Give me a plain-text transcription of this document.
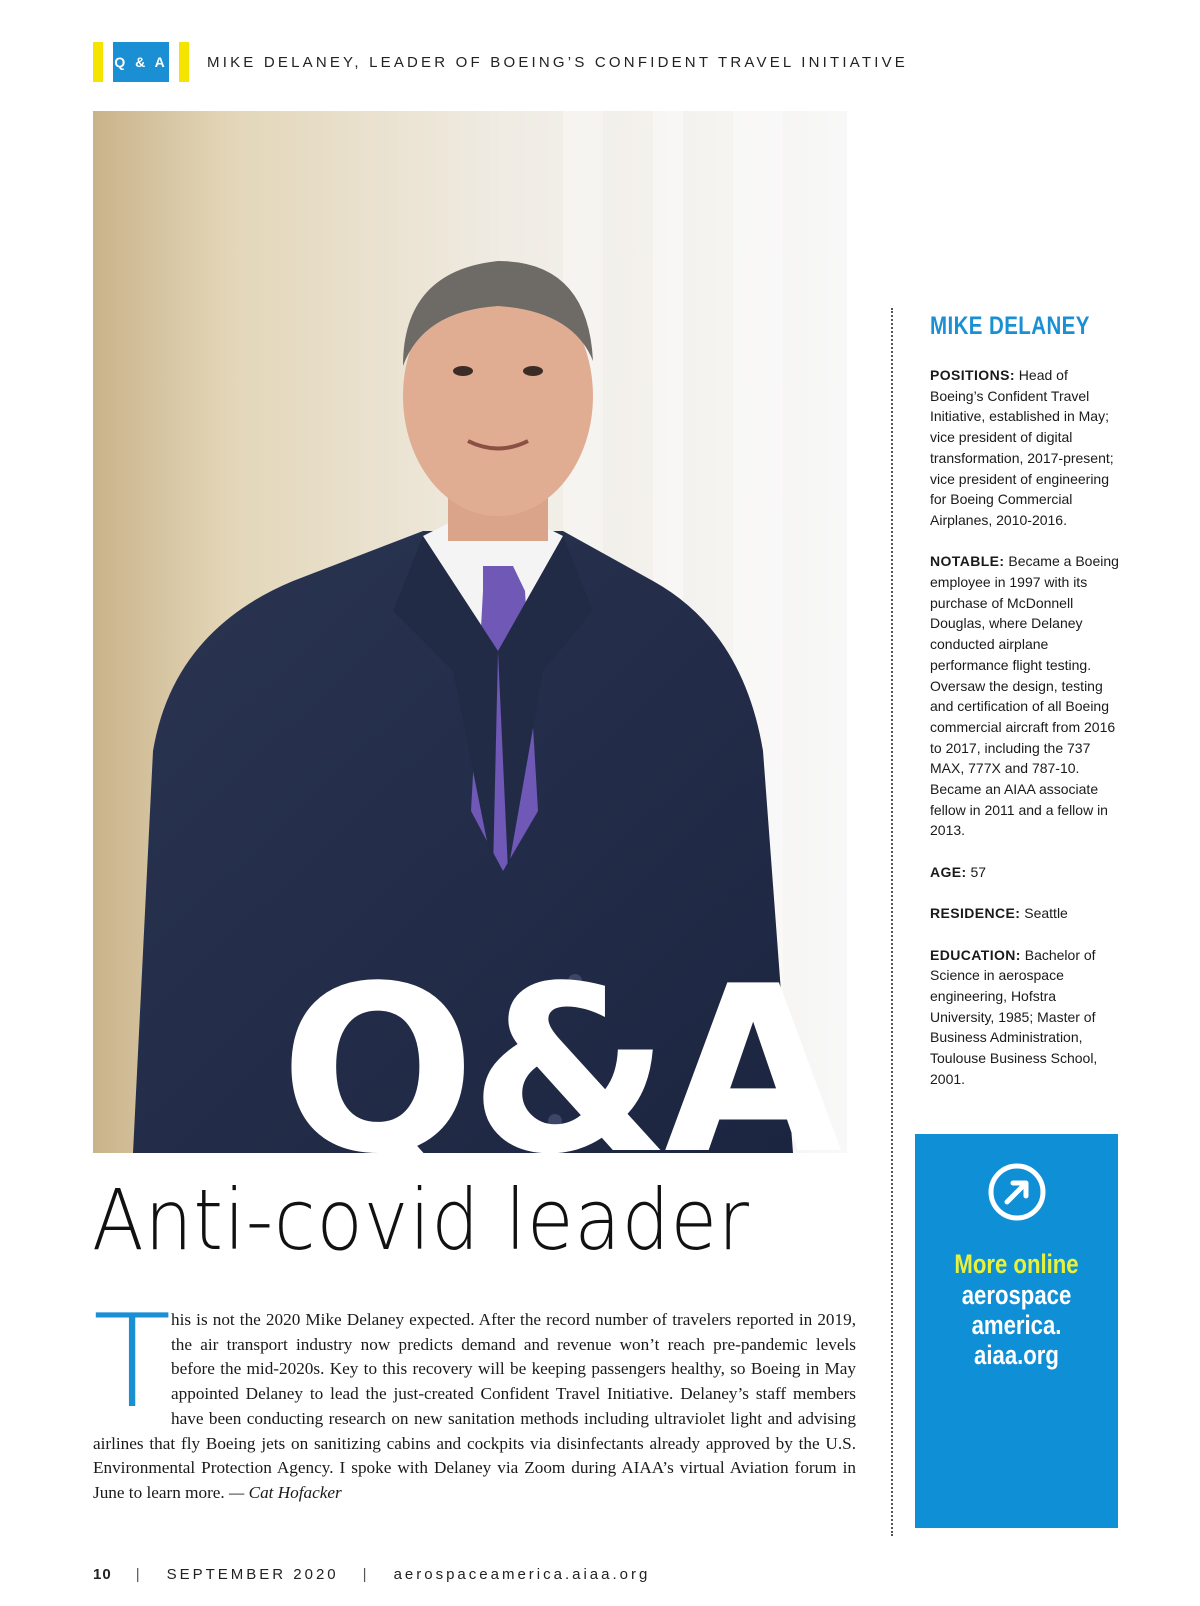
Q & A	MIKE DELANEY, LEADER OF BOEING’S CONFIDENT TRAVEL INITIATIVE
Q&A
Anti-covid leader
T his is not the 2020 Mike Delaney expected. After the record number of travelers reported in 2019, the air transport industry now predicts demand and revenue won’t reach pre-pandemic levels before the mid-2020s. Key to this recovery will be keeping passengers healthy, so Boeing in May appointed Delaney to lead the just-created Confident Travel Initiative. Delaney’s staff members have been conducting research on new sanitation methods including ultraviolet light and advising airlines that fly Boeing jets on sanitizing cabins and cockpits via disinfectants already approved by the U.S. Environmental Protection Agency. I spoke with Delaney via Zoom during AIAA’s virtual Aviation forum in June to learn more. — Cat Hofacker
MIKE DELANEY
POSITIONS: Head of Boeing’s Confident Travel Initiative, established in May; vice president of digital transformation, 2017-present; vice president of engineering for Boeing Commercial Airplanes, 2010-2016.
NOTABLE: Became a Boeing employee in 1997 with its purchase of McDonnell Douglas, where Delaney conducted airplane performance flight testing. Oversaw the design, testing and certification of all Boeing commercial aircraft from 2016 to 2017, including the 737 MAX, 777X and 787-10. Became an AIAA associate fellow in 2011 and a fellow in 2013.
AGE: 57
RESIDENCE: Seattle
EDUCATION: Bachelor of Science in aerospace engineering, Hofstra University, 1985; Master of Business Administration, Toulouse Business School, 2001.
More online
aerospace
america.
aiaa.org
10 | SEPTEMBER 2020 | aerospaceamerica.aiaa.org
